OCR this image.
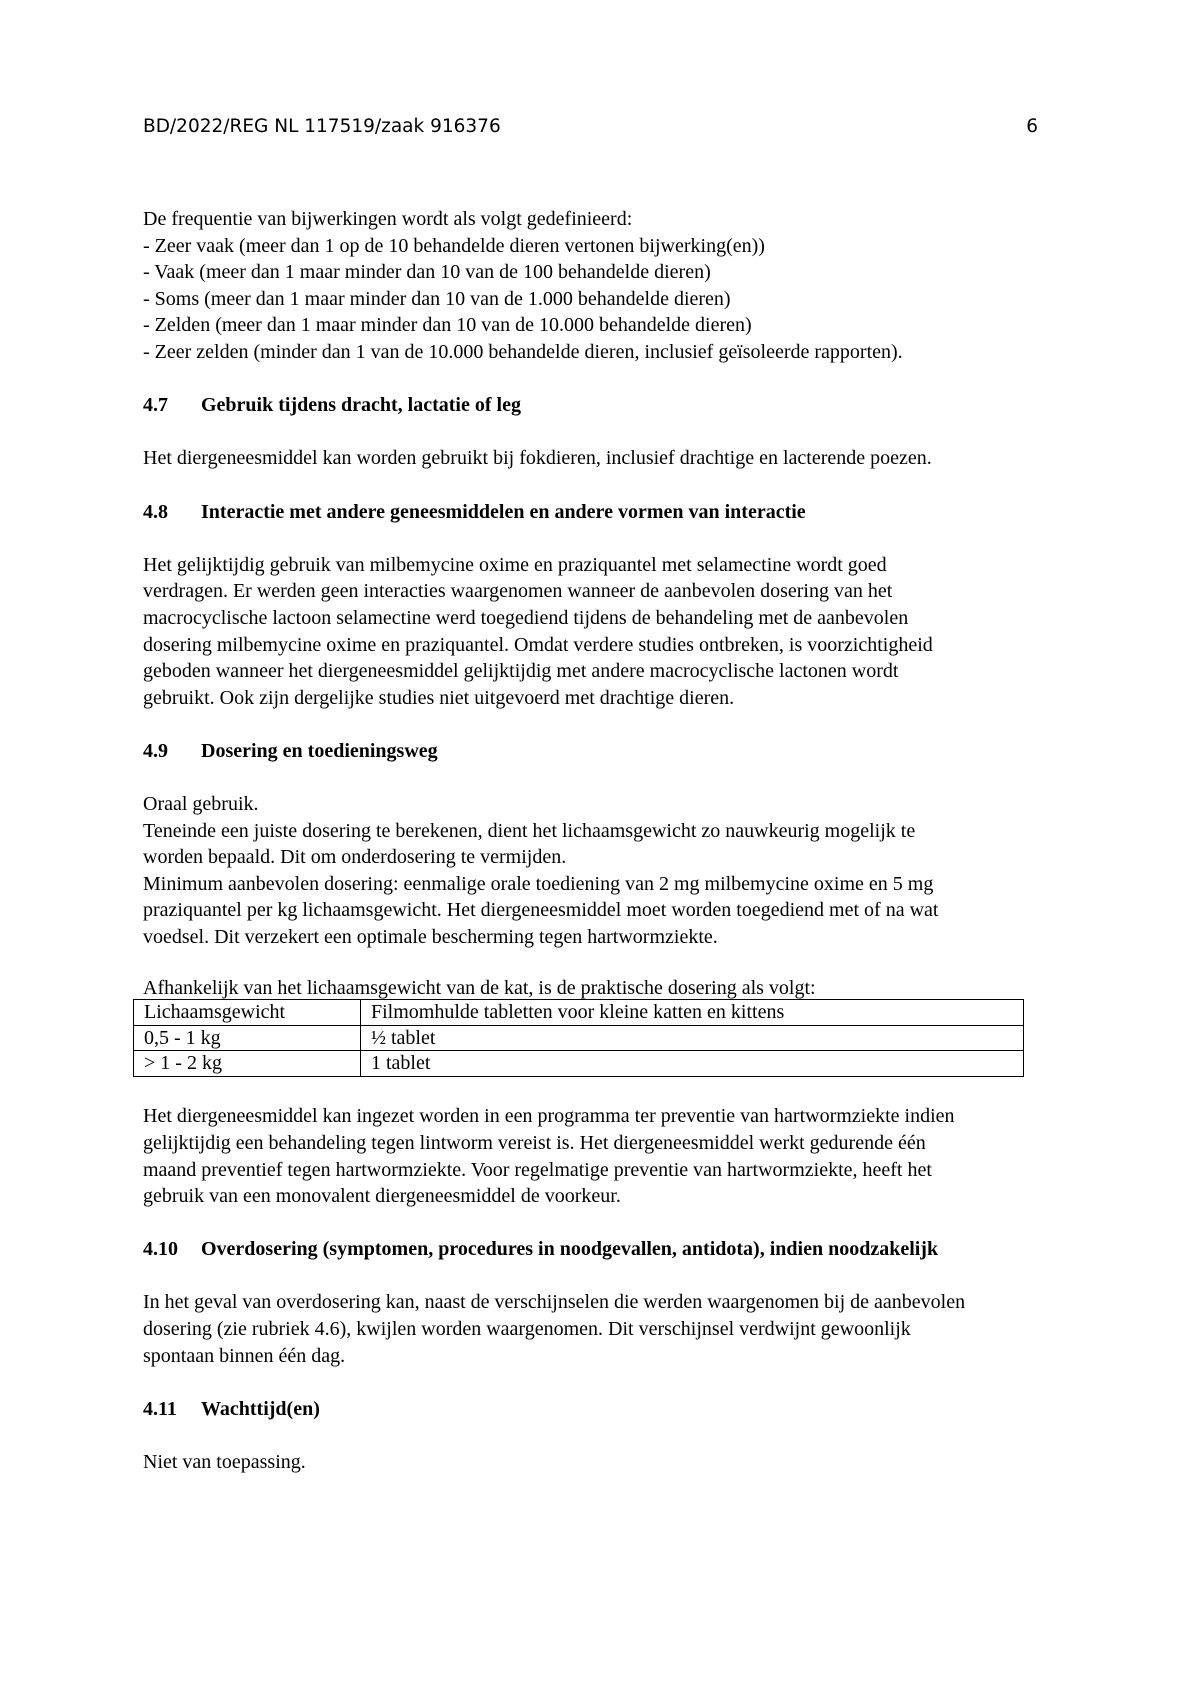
BD/2022/REG NL 117519/zaak 916376	6

De frequentie van bijwerkingen wordt als volgt gedefinieerd:

- Zeer vaak (meer dan 1 op de 10 behandelde dieren vertonen bijwerking(en))

- Vaak (meer dan 1 maar minder dan 10 van de 100 behandelde dieren)

- Soms (meer dan 1 maar minder dan 10 van de 1.000 behandelde dieren)

- Zelden (meer dan 1 maar minder dan 10 van de 10.000 behandelde dieren)

- Zeer zelden (minder dan 1 van de 10.000 behandelde dieren, inclusief geïsoleerde rapporten).

4.7 Gebruik tijdens dracht, lactatie of leg

Het diergeneesmiddel kan worden gebruikt bij fokdieren, inclusief drachtige en lacterende poezen.

4.8 Interactie met andere geneesmiddelen en andere vormen van interactie

Het gelijktijdig gebruik van milbemycine oxime en praziquantel met selamectine wordt goed

verdragen. Er werden geen interacties waargenomen wanneer de aanbevolen dosering van het

macrocyclische lactoon selamectine werd toegediend tijdens de behandeling met de aanbevolen

dosering milbemycine oxime en praziquantel. Omdat verdere studies ontbreken, is voorzichtigheid

geboden wanneer het diergeneesmiddel gelijktijdig met andere macrocyclische lactonen wordt

gebruikt. Ook zijn dergelijke studies niet uitgevoerd met drachtige dieren.

4.9 Dosering en toedieningsweg

Oraal gebruik.

Teneinde een juiste dosering te berekenen, dient het lichaamsgewicht zo nauwkeurig mogelijk te

worden bepaald. Dit om onderdosering te vermijden.

Minimum aanbevolen dosering: eenmalige orale toediening van 2 mg milbemycine oxime en 5 mg

praziquantel per kg lichaamsgewicht. Het diergeneesmiddel moet worden toegediend met of na wat

voedsel. Dit verzekert een optimale bescherming tegen hartwormziekte.

Afhankelijk van het lichaamsgewicht van de kat, is de praktische dosering als volgt:

Lichaamsgewicht	Filmomhulde tabletten voor kleine katten en kittens
0,5 - 1 kg	½ tablet
> 1 - 2 kg	1 tablet

Het diergeneesmiddel kan ingezet worden in een programma ter preventie van hartwormziekte indien

gelijktijdig een behandeling tegen lintworm vereist is. Het diergeneesmiddel werkt gedurende één

maand preventief tegen hartwormziekte. Voor regelmatige preventie van hartwormziekte, heeft het

gebruik van een monovalent diergeneesmiddel de voorkeur.

4.10 Overdosering (symptomen, procedures in noodgevallen, antidota), indien noodzakelijk

In het geval van overdosering kan, naast de verschijnselen die werden waargenomen bij de aanbevolen

dosering (zie rubriek 4.6), kwijlen worden waargenomen. Dit verschijnsel verdwijnt gewoonlijk

spontaan binnen één dag.

4.11 Wachttijd(en)

Niet van toepassing.
